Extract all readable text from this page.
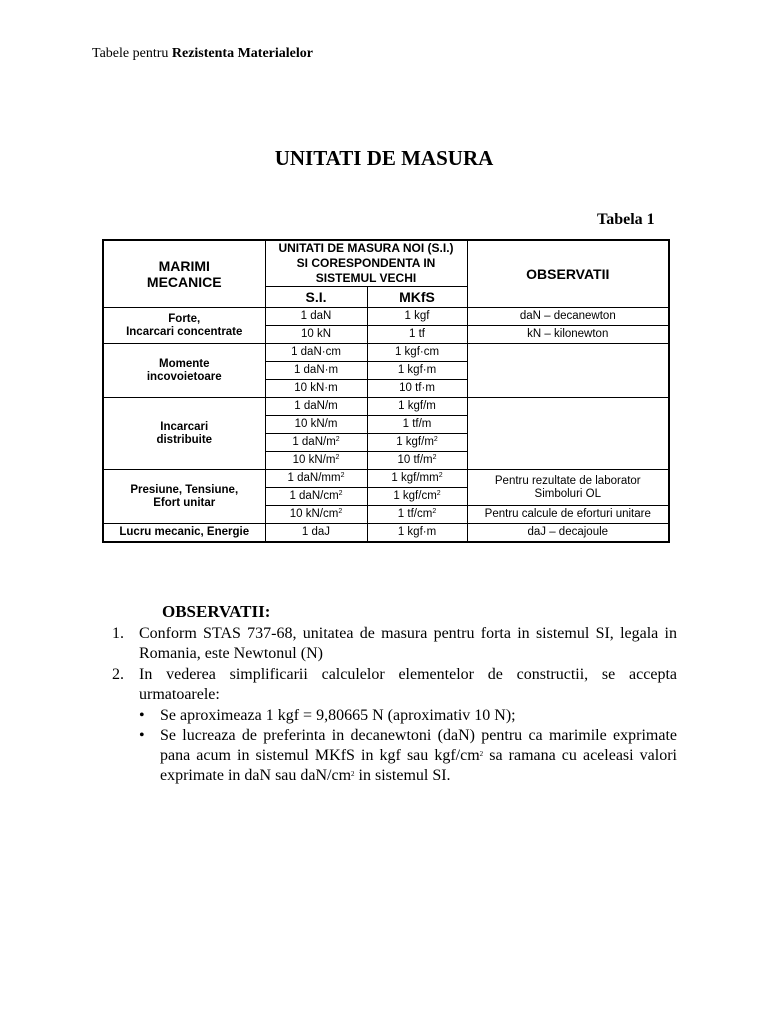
Tabele pentru Rezistenta Materialelor
UNITATI DE MASURA
Tabela 1
MARIMI
MECANICE	UNITATI DE MASURA NOI (S.I.)
SI CORESPONDENTA IN
SISTEMUL VECHI		OBSERVATII
	S.I.	MKfS	
Forte,
Incarcari concentrate	1 daN	1 kgf	daN – decanewton
	10 kN	1 tf	kN – kilonewton
Momente
incovoietoare	1 daN·cm	1 kgf·cm	
	1 daN·m	1 kgf·m	
	10 kN·m	10 tf·m	
Incarcari
distribuite	1 daN/m	1 kgf/m	
	10 kN/m	1 tf/m	
	1 daN/$m^2$	1 kgf/$m^2$
	10 $kN/m^2$	10 $tf/m^2$
Presiune, Tensiune,
Efort unitar	1 daN/$mm^2$	1 kgf/$mm^2$	Pentru rezultate de laborator
Simboluri OL
	1 daN/$cm^2$	1 kgf/$cm^2$
	10 $kN/cm^2$	1 $tf/cm^2$	Pentru calcule de eforturi unitare
Lucru mecanic, Energie	1 daJ	1 kgf·m	daJ – decajoule
OBSERVATII:
1. Conform STAS 737-68, unitatea de masura pentru forta in sistemul SI, legala in Romania, este Newtonul (N)
2. In vederea simplificarii calculelor elementelor de constructii, se accepta urmatoarele:
• Se aproximeaza 1 kgf = 9,80665 N (aproximativ 10 N);
• Se lucreaza de preferinta in decanewtoni (daN) pentru ca marimile exprimate pana acum in sistemul MKfS in kgf sau kgf/$cm^2$ sa ramana cu aceleasi valori exprimate in daN sau daN/$cm^2$ in sistemul SI.
